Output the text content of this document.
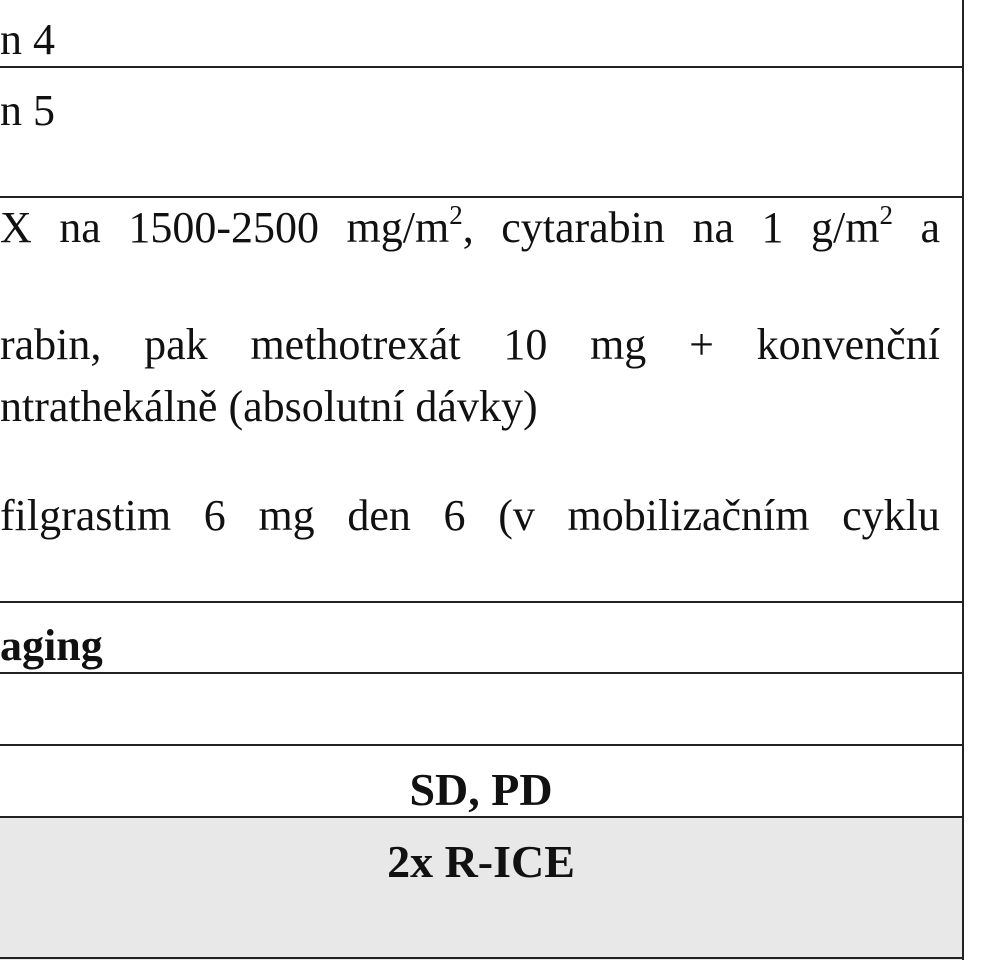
n 4
n 5
X na 1500-2500 $mg/m^2$, cytarabin na 1 $g/m^2$ a
rabin, pak methotrexát 10 mg + konvenční
ntrathekálně (absolutní dávky)
filgrastim 6 mg den 6 (v mobilizačním cyklu
aging
SD, PD
2x R-ICE
